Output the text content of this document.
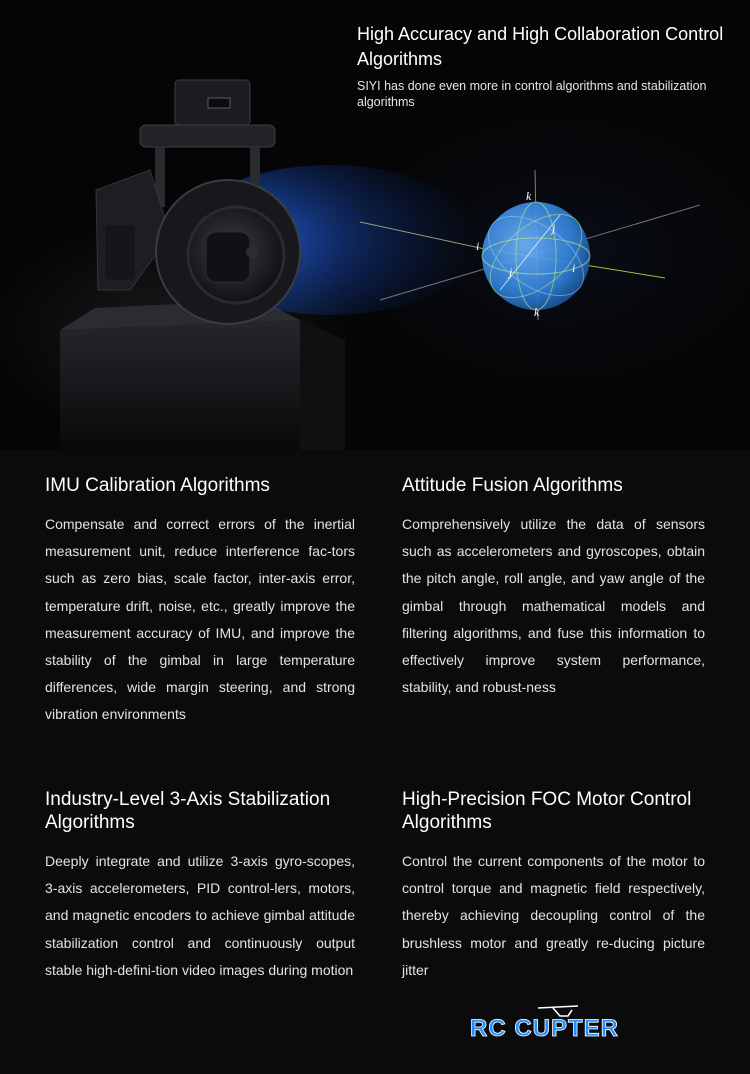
k
j
i
j	i
k
High Accuracy and High Collaboration Control Algorithms
SIYI has done even more in control algorithms and stabilization algorithms
IMU Calibration Algorithms
Compensate and correct errors of the inertial measurement unit, reduce interference fac-tors such as zero bias, scale factor, inter-axis error, temperature drift, noise, etc., greatly improve the measurement accuracy of IMU, and improve the stability of the gimbal in large temperature differences, wide margin steering, and strong vibration environments
Attitude Fusion Algorithms
Comprehensively utilize the data of sensors such as accelerometers and gyroscopes, obtain the pitch angle, roll angle, and yaw angle of the gimbal through mathematical models and filtering algorithms, and fuse this information to effectively improve system performance, stability, and robust-ness
Industry-Level 3-Axis Stabilization Algorithms
Deeply integrate and utilize 3-axis gyro-scopes, 3-axis accelerometers, PID control-lers, motors, and magnetic encoders to achieve gimbal attitude stabilization control and continuously output stable high-defini-tion video images during motion
High-Precision FOC Motor Control Algorithms
Control the current components of the motor to control torque and magnetic field respectively, thereby achieving decoupling control of the brushless motor and greatly re-ducing picture jitter
RC CUPTER
